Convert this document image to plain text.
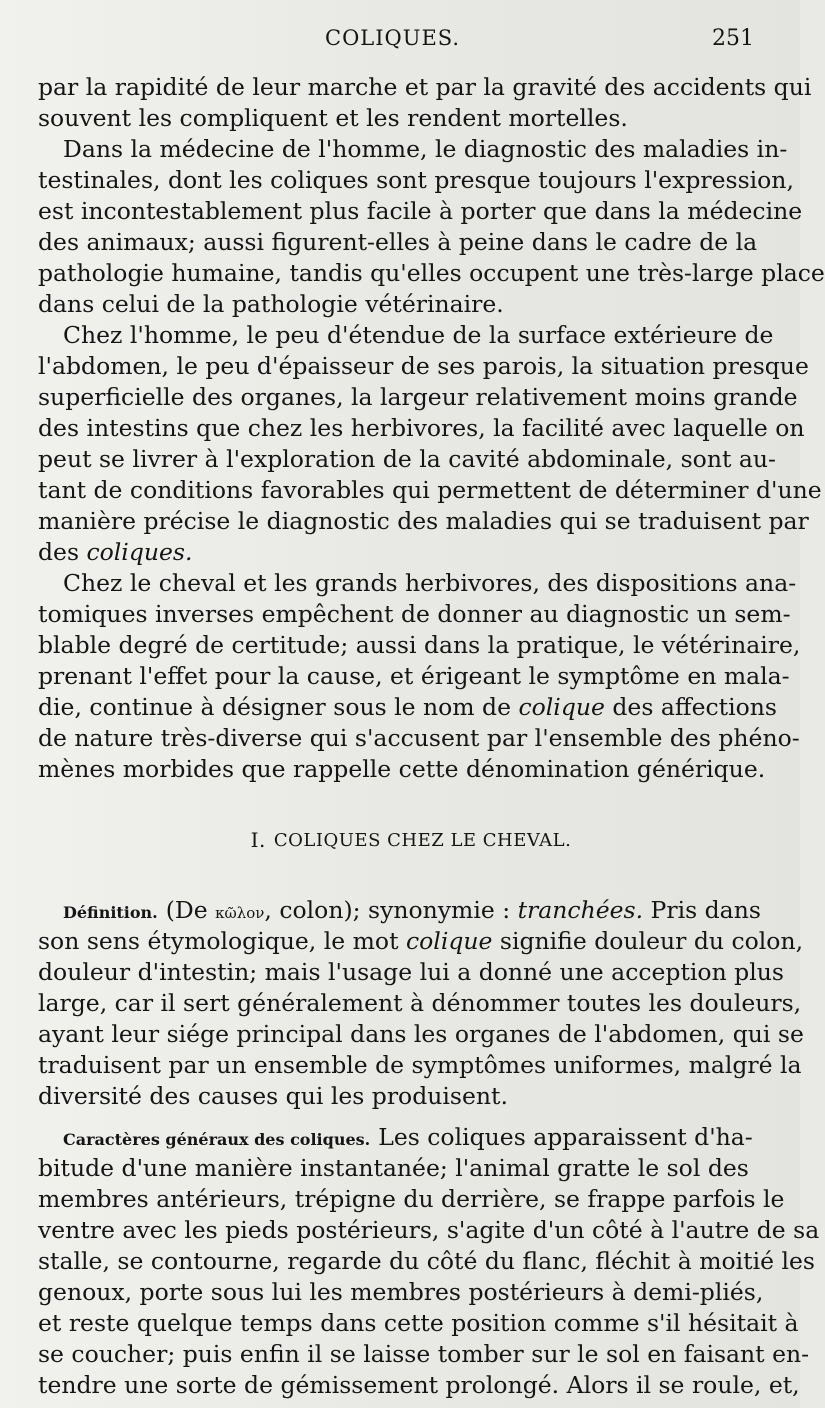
COLIQUES.	251
par la rapidité de leur marche et par la gravité des accidents qui
souvent les compliquent et les rendent mortelles.
Dans la médecine de l'homme, le diagnostic des maladies in-
testinales, dont les coliques sont presque toujours l'expression,
est incontestablement plus facile à porter que dans la médecine
des animaux; aussi figurent-elles à peine dans le cadre de la
pathologie humaine, tandis qu'elles occupent une très-large place
dans celui de la pathologie vétérinaire.
Chez l'homme, le peu d'étendue de la surface extérieure de
l'abdomen, le peu d'épaisseur de ses parois, la situation presque
superficielle des organes, la largeur relativement moins grande
des intestins que chez les herbivores, la facilité avec laquelle on
peut se livrer à l'exploration de la cavité abdominale, sont au-
tant de conditions favorables qui permettent de déterminer d'une
manière précise le diagnostic des maladies qui se traduisent par
des coliques.
Chez le cheval et les grands herbivores, des dispositions ana-
tomiques inverses empêchent de donner au diagnostic un sem-
blable degré de certitude; aussi dans la pratique, le vétérinaire,
prenant l'effet pour la cause, et érigeant le symptôme en mala-
die, continue à désigner sous le nom de colique des affections
de nature très-diverse qui s'accusent par l'ensemble des phéno-
mènes morbides que rappelle cette dénomination générique.
I. COLIQUES CHEZ LE CHEVAL.
Définition. (De κῶλον, colon); synonymie : tranchées. Pris dans
son sens étymologique, le mot colique signifie douleur du colon,
douleur d'intestin; mais l'usage lui a donné une acception plus
large, car il sert généralement à dénommer toutes les douleurs,
ayant leur siége principal dans les organes de l'abdomen, qui se
traduisent par un ensemble de symptômes uniformes, malgré la
diversité des causes qui les produisent.
Caractères généraux des coliques. Les coliques apparaissent d'ha-
bitude d'une manière instantanée; l'animal gratte le sol des
membres antérieurs, trépigne du derrière, se frappe parfois le
ventre avec les pieds postérieurs, s'agite d'un côté à l'autre de sa
stalle, se contourne, regarde du côté du flanc, fléchit à moitié les
genoux, porte sous lui les membres postérieurs à demi-pliés,
et reste quelque temps dans cette position comme s'il hésitait à
se coucher; puis enfin il se laisse tomber sur le sol en faisant en-
tendre une sorte de gémissement prolongé. Alors il se roule, et,
